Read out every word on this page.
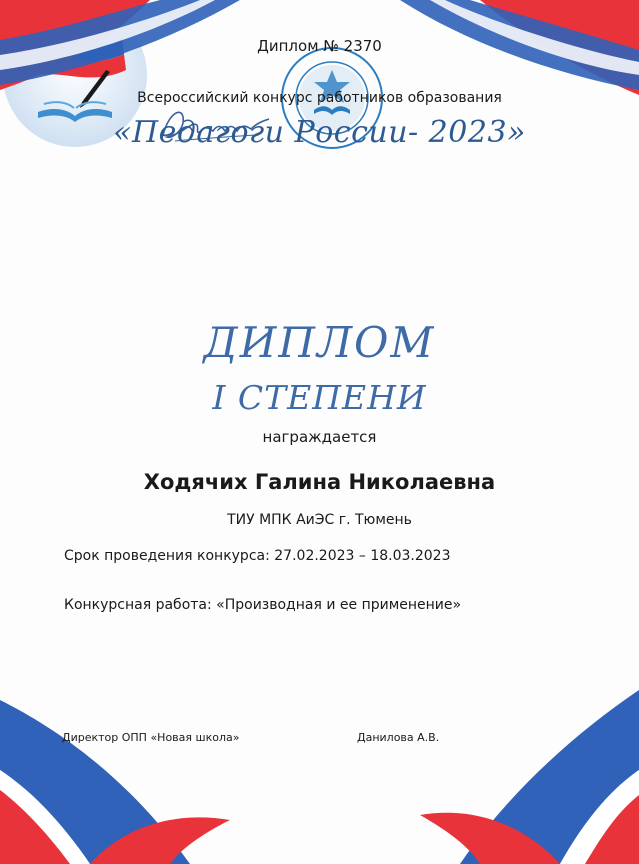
Диплом № 2370
Всероссийский конкурс работников образования
«Педагоги России- 2023»

ДИПЛОМ
I СТЕПЕНИ
награждается
Ходячих Галина Николаевна
ТИУ МПК АиЭС г. Тюмень
Срок проведения конкурса: 27.02.2023 – 18.03.2023
Конкурсная работа: «Производная и ее применение»
Директор ОПП «Новая школа»
	Данилова А.В.
